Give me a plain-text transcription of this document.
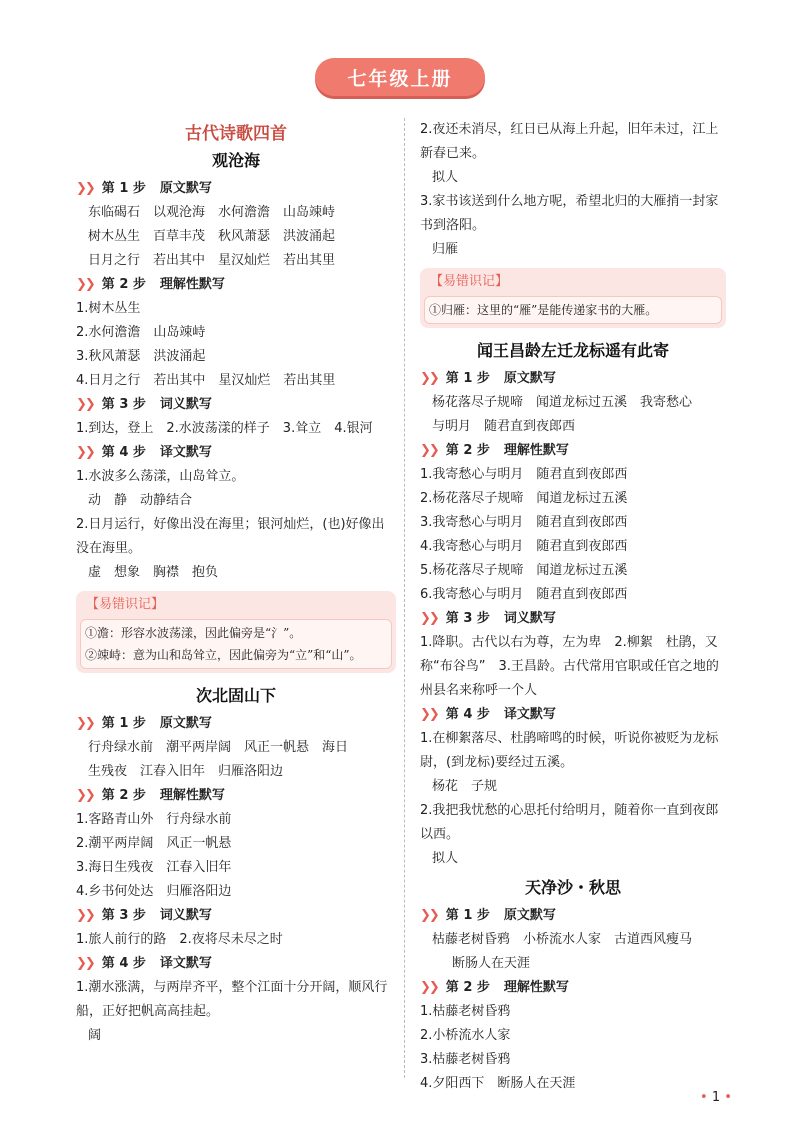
七年级上册
古代诗歌四首
观沧海
❯❯ 第 1 步 原文默写
东临碣石　以观沧海　水何澹澹　山岛竦峙
树木丛生　百草丰茂　秋风萧瑟　洪波涌起
日月之行　若出其中　星汉灿烂　若出其里
❯❯ 第 2 步 理解性默写
1.树木丛生
2.水何澹澹　山岛竦峙
3.秋风萧瑟　洪波涌起
4.日月之行　若出其中　星汉灿烂　若出其里
❯❯ 第 3 步 词义默写
1.到达，登上　2.水波荡漾的样子　3.耸立　4.银河
❯❯ 第 4 步 译文默写
1.水波多么荡漾，山岛耸立。
动　静　动静结合
2.日月运行，好像出没在海里；银河灿烂，(也)好像出没在海里。
虚　想象　胸襟　抱负
【易错识记】
①澹：形容水波荡漾，因此偏旁是“氵”。
②竦峙：意为山和岛耸立，因此偏旁为“立”和“山”。
次北固山下
❯❯ 第 1 步 原文默写
行舟绿水前　潮平两岸阔　风正一帆悬　海日
生残夜　江春入旧年　归雁洛阳边
❯❯ 第 2 步 理解性默写
1.客路青山外　行舟绿水前
2.潮平两岸阔　风正一帆悬
3.海日生残夜　江春入旧年
4.乡书何处达　归雁洛阳边
❯❯ 第 3 步 词义默写
1.旅人前行的路　2.夜将尽未尽之时
❯❯ 第 4 步 译文默写
1.潮水涨满，与两岸齐平，整个江面十分开阔，顺风行船，正好把帆高高挂起。
阔
2.夜还未消尽，红日已从海上升起，旧年未过，江上新春已来。
拟人
3.家书该送到什么地方呢，希望北归的大雁捎一封家书到洛阳。
归雁
【易错识记】
①归雁：这里的“雁”是能传递家书的大雁。
闻王昌龄左迁龙标遥有此寄
❯❯ 第 1 步 原文默写
杨花落尽子规啼　闻道龙标过五溪　我寄愁心
与明月　随君直到夜郎西
❯❯ 第 2 步 理解性默写
1.我寄愁心与明月　随君直到夜郎西
2.杨花落尽子规啼　闻道龙标过五溪
3.我寄愁心与明月　随君直到夜郎西
4.我寄愁心与明月　随君直到夜郎西
5.杨花落尽子规啼　闻道龙标过五溪
6.我寄愁心与明月　随君直到夜郎西
❯❯ 第 3 步 词义默写
1.降职。古代以右为尊，左为卑　2.柳絮　杜鹃，又称“布谷鸟”　3.王昌龄。古代常用官职或任官之地的州县名来称呼一个人
❯❯ 第 4 步 译文默写
1.在柳絮落尽、杜鹃啼鸣的时候，听说你被贬为龙标尉，(到龙标)要经过五溪。
杨花　子规
2.我把我忧愁的心思托付给明月，随着你一直到夜郎以西。
拟人
天净沙・秋思
❯❯ 第 1 步 原文默写
枯藤老树昏鸦　小桥流水人家　古道西风瘦马
断肠人在天涯
❯❯ 第 2 步 理解性默写
1.枯藤老树昏鸦
2.小桥流水人家
3.枯藤老树昏鸦
4.夕阳西下　断肠人在天涯
• 1 •
